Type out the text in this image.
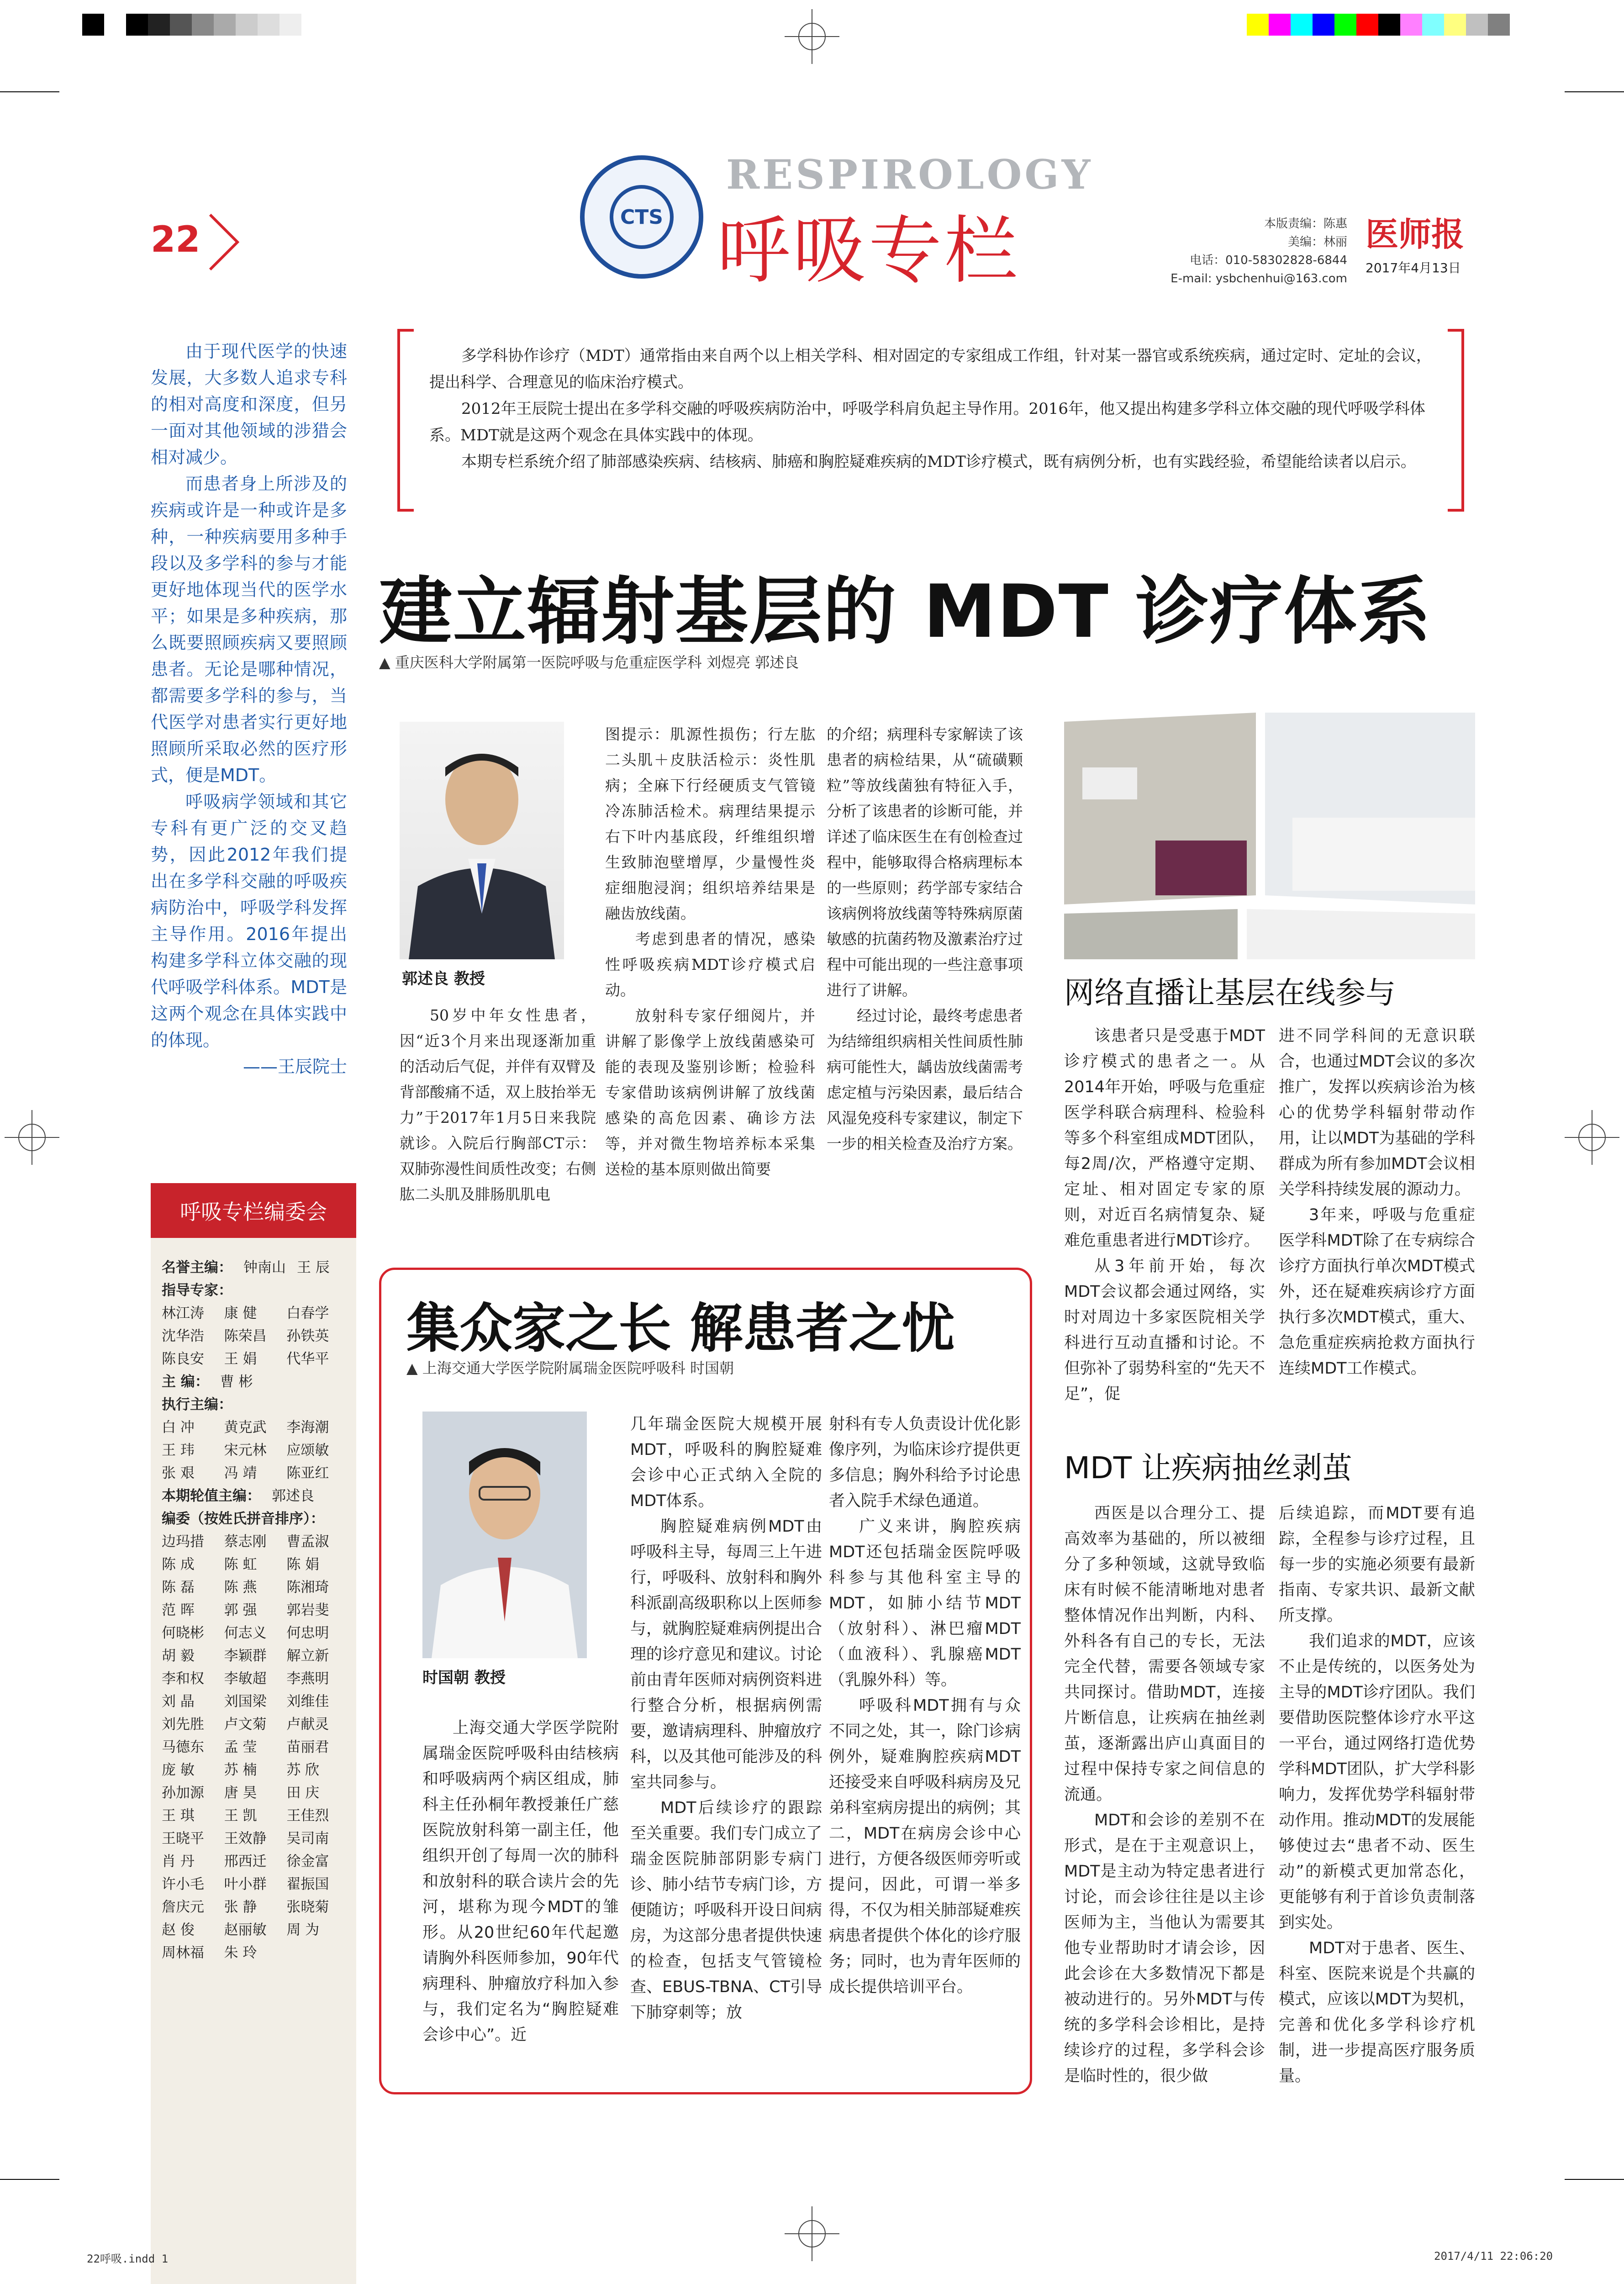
22
CTS
RESPIROLOGY
呼吸专栏	本版责编：陈惠
美编：林丽
电话：010-58302828-6844
E-mail: ysbchenhui@163.com
医师报
2017年4月13日

由于现代医学的快速发展，大多数人追求专科的相对高度和深度，但另一面对其他领域的涉猎会相对减少。

而患者身上所涉及的疾病或许是一种或许是多种，一种疾病要用多种手段以及多学科的参与才能更好地体现当代的医学水平；如果是多种疾病，那么既要照顾疾病又要照顾患者。无论是哪种情况，都需要多学科的参与，当代医学对患者实行更好地照顾所采取必然的医疗形式，便是MDT。

呼吸病学领域和其它专科有更广泛的交叉趋势，因此2012年我们提出在多学科交融的呼吸疾病防治中，呼吸学科发挥主导作用。2016年提出构建多学科立体交融的现代呼吸学科体系。MDT是这两个观念在具体实践中的体现。

——王辰院士

呼吸专栏编委会
名誉主编： 钟南山 王 辰
指导专家：
林江涛	康 健	白春学
沈华浩	陈荣昌	孙铁英
陈良安	王 娟	代华平
主 编： 曹 彬
执行主编：
白 冲	黄克武	李海潮
王 玮	宋元林	应颂敏
张 艰	冯 靖	陈亚红
本期轮值主编： 郭述良
编委（按姓氏拼音排序）：
边玛措	蔡志刚	曹孟淑
陈 成	陈 虹	陈 娟
陈 磊	陈 燕	陈湘琦
范 晖	郭 强	郭岩斐
何晓彬	何志义	何忠明
胡 毅	李颖群	解立新
李和权	李敏超	李燕明
刘 晶	刘国梁	刘维佳
刘先胜	卢文菊	卢献灵
马德东	孟 莹	苗丽君
庞 敏	苏 楠	苏 欣
孙加源	唐 昊	田 庆
王 琪	王 凯	王佳烈
王晓平	王效静	吴司南
肖 丹	邢西迁	徐金富
许小毛	叶小群	翟振国
詹庆元	张 静	张晓菊
赵 俊	赵丽敏	周 为
周林福	朱 玲

多学科协作诊疗（MDT）通常指由来自两个以上相关学科、相对固定的专家组成工作组，针对某一器官或系统疾病，通过定时、定址的会议，提出科学、合理意见的临床治疗模式。

2012年王辰院士提出在多学科交融的呼吸疾病防治中，呼吸学科肩负起主导作用。2016年，他又提出构建多学科立体交融的现代呼吸学科体系。MDT就是这两个观念在具体实践中的体现。

本期专栏系统介绍了肺部感染疾病、结核病、肺癌和胸腔疑难疾病的MDT诊疗模式，既有病例分析，也有实践经验，希望能给读者以启示。

建立辐射基层的 MDT 诊疗体系
▲ 重庆医科大学附属第一医院呼吸与危重症医学科 刘煜亮 郭述良
郭述良 教授

50岁中年女性患者，因“近3个月来出现逐渐加重的活动后气促，并伴有双臂及背部酸痛不适，双上肢抬举无力”于2017年1月5日来我院就诊。入院后行胸部CT示：双肺弥漫性间质性改变；右侧肱二头肌及腓肠肌肌电

图提示：肌源性损伤；行左肱二头肌＋皮肤活检示：炎性肌病；全麻下行经硬质支气管镜冷冻肺活检术。病理结果提示右下叶内基底段，纤维组织增生致肺泡壁增厚，少量慢性炎症细胞浸润；组织培养结果是融齿放线菌。

考虑到患者的情况，感染性呼吸疾病MDT诊疗模式启动。

放射科专家仔细阅片，并讲解了影像学上放线菌感染可能的表现及鉴别诊断；检验科专家借助该病例讲解了放线菌感染的高危因素、确诊方法等，并对微生物培养标本采集送检的基本原则做出简要

的介绍；病理科专家解读了该患者的病检结果，从“硫磺颗粒”等放线菌独有特征入手，分析了该患者的诊断可能，并详述了临床医生在有创检查过程中，能够取得合格病理标本的一些原则；药学部专家结合该病例将放线菌等特殊病原菌敏感的抗菌药物及激素治疗过程中可能出现的一些注意事项进行了讲解。

经过讨论，最终考虑患者为结缔组织病相关性间质性肺病可能性大，龋齿放线菌需考虑定植与污染因素，最后结合风湿免疫科专家建议，制定下一步的相关检查及治疗方案。

网络直播让基层在线参与

该患者只是受惠于MDT诊疗模式的患者之一。从2014年开始，呼吸与危重症医学科联合病理科、检验科等多个科室组成MDT团队，每2周/次，严格遵守定期、定址、相对固定专家的原则，对近百名病情复杂、疑难危重患者进行MDT诊疗。

从3年前开始，每次MDT会议都会通过网络，实时对周边十多家医院相关学科进行互动直播和讨论。不但弥补了弱势科室的“先天不足”，促

进不同学科间的无意识联合，也通过MDT会议的多次推广，发挥以疾病诊治为核心的优势学科辐射带动作用，让以MDT为基础的学科群成为所有参加MDT会议相关学科持续发展的源动力。

3年来，呼吸与危重症医学科MDT除了在专病综合诊疗方面执行单次MDT模式外，还在疑难疾病诊疗方面执行多次MDT模式，重大、急危重症疾病抢救方面执行连续MDT工作模式。

MDT 让疾病抽丝剥茧

西医是以合理分工、提高效率为基础的，所以被细分了多种领域，这就导致临床有时候不能清晰地对患者整体情况作出判断，内科、外科各有自己的专长，无法完全代替，需要各领域专家共同探讨。借助MDT，连接片断信息，让疾病在抽丝剥茧，逐渐露出庐山真面目的过程中保持专家之间信息的流通。

MDT和会诊的差别不在形式，是在于主观意识上，MDT是主动为特定患者进行讨论，而会诊往往是以主诊医师为主，当他认为需要其他专业帮助时才请会诊，因此会诊在大多数情况下都是被动进行的。另外MDT与传统的多学科会诊相比，是持续诊疗的过程，多学科会诊是临时性的，很少做

后续追踪，而MDT要有追踪，全程参与诊疗过程，且每一步的实施必须要有最新指南、专家共识、最新文献所支撑。

我们追求的MDT，应该不止是传统的，以医务处为主导的MDT诊疗团队。我们要借助医院整体诊疗水平这一平台，通过网络打造优势学科MDT团队，扩大学科影响力，发挥优势学科辐射带动作用。推动MDT的发展能够使过去“患者不动、医生动”的新模式更加常态化，更能够有利于首诊负责制落到实处。

MDT对于患者、医生、科室、医院来说是个共赢的模式，应该以MDT为契机，完善和优化多学科诊疗机制，进一步提高医疗服务质量。

集众家之长 解患者之忧
▲ 上海交通大学医学院附属瑞金医院呼吸科 时国朝
时国朝 教授

上海交通大学医学院附属瑞金医院呼吸科由结核病和呼吸病两个病区组成，肺科主任孙桐年教授兼任广慈医院放射科第一副主任，他组织开创了每周一次的肺科和放射科的联合读片会的先河，堪称为现今MDT的雏形。从20世纪60年代起邀请胸外科医师参加，90年代病理科、肿瘤放疗科加入参与，我们定名为“胸腔疑难会诊中心”。近

几年瑞金医院大规模开展MDT，呼吸科的胸腔疑难会诊中心正式纳入全院的MDT体系。

胸腔疑难病例MDT由呼吸科主导，每周三上午进行，呼吸科、放射科和胸外科派副高级职称以上医师参与，就胸腔疑难病例提出合理的诊疗意见和建议。讨论前由青年医师对病例资料进行整合分析，根据病例需要，邀请病理科、肿瘤放疗科，以及其他可能涉及的科室共同参与。

MDT后续诊疗的跟踪至关重要。我们专门成立了瑞金医院肺部阴影专病门诊、肺小结节专病门诊，方便随访；呼吸科开设日间病房，为这部分患者提供快速的检查，包括支气管镜检 查、EBUS-TBNA、CT引导下肺穿刺等；放

射科有专人负责设计优化影像序列，为临床诊疗提供更多信息；胸外科给予讨论患者入院手术绿色通道。

广义来讲，胸腔疾病MDT还包括瑞金医院呼吸科参与其他科室主导的MDT，如肺小结节MDT（放射科）、淋巴瘤MDT（血液科）、乳腺癌MDT（乳腺外科）等。

呼吸科MDT拥有与众不同之处，其一，除门诊病例外，疑难胸腔疾病MDT还接受来自呼吸科病房及兄弟科室病房提出的病例；其二，MDT在病房会诊中心进行，方便各级医师旁听或提问，因此，可谓一举多得，不仅为相关肺部疑难疾病患者提供个体化的诊疗服务；同时，也为青年医师的成长提供培训平台。

22呼吸.indd 1	2017/4/11 22:06:20
